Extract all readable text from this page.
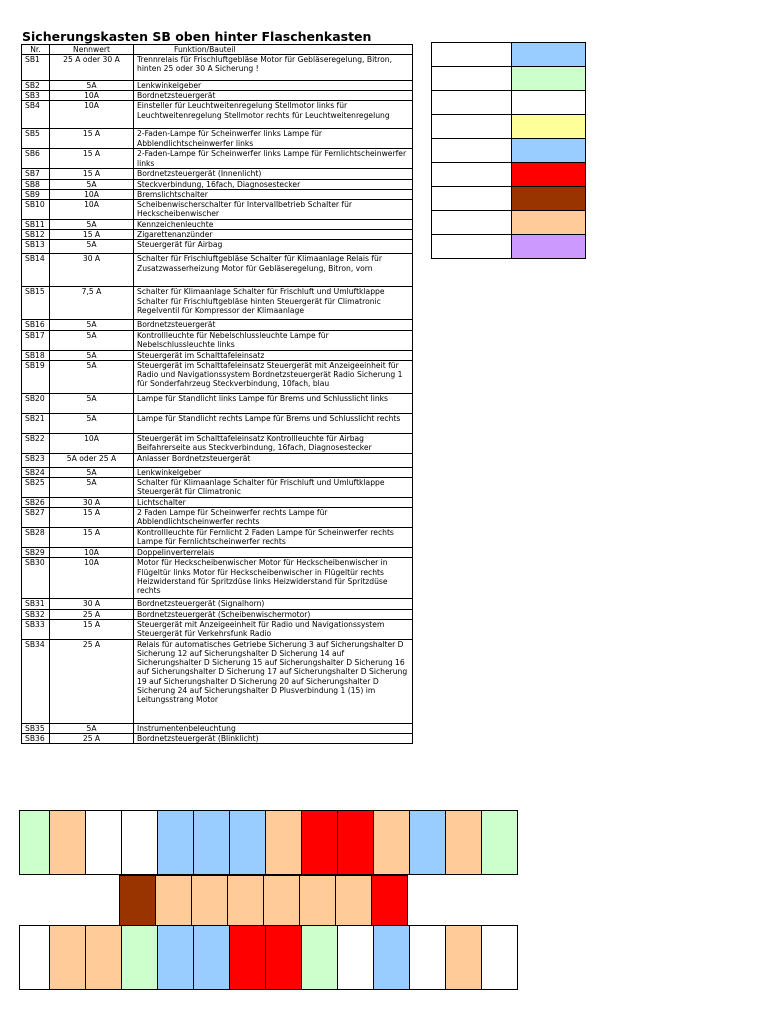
Sicherungskasten SB oben hinter Flaschenkasten
Nr.	Nennwert	Funktion/Bauteil
SB1	25 A oder 30 A	Trennrelais für Frischluftgebläse Motor für Gebläseregelung, Bitron, hinten 25 oder 30 A Sicherung !
SB2	5A	Lenkwinkelgeber
SB3	10A	Bordnetzsteuergerät
SB4	10A	Einsteller für Leuchtweitenregelung Stellmotor links für Leuchtweitenregelung Stellmotor rechts für Leuchtweitenregelung
SB5	15 A	2-Faden-Lampe für Scheinwerfer links Lampe für Abblendlichtscheinwerfer links
SB6	15 A	2-Faden-Lampe für Scheinwerfer links Lampe für Fernlichtscheinwerfer links
SB7	15 A	Bordnetzsteuergerät (Innenlicht)
SB8	5A	Steckverbindung, 16fach, Diagnosestecker
SB9	10A	Bremslichtschalter
SB10	10A	Scheibenwischerschalter für Intervallbetrieb Schalter für Heckscheibenwischer
SB11	5A	Kennzeichenleuchte
SB12	15 A	Zigarettenanzünder
SB13	5A	Steuergerät für Airbag
SB14	30 A	Schalter für Frischluftgebläse Schalter für Klimaanlage Relais für Zusatzwasserheizung Motor für Gebläseregelung, Bitron, vorn
SB15	7,5 A	Schalter für Klimaanlage Schalter für Frischluft und Umluftklappe Schalter für Frischluftgebläse hinten Steuergerät für Climatronic Regelventil für Kompressor der Klimaanlage
SB16	5A	Bordnetzsteuergerät
SB17	5A	Kontrollleuchte für Nebelschlussleuchte Lampe für Nebelschlussleuchte links
SB18	5A	Steuergerät im Schalttafeleinsatz
SB19	5A	Steuergerät im Schalttafeleinsatz Steuergerät mit Anzeigeeinheit für Radio und Navigationssystem Bordnetzsteuergerät Radio Sicherung 1 für Sonderfahrzeug Steckverbindung, 10fach, blau
SB20	5A	Lampe für Standlicht links Lampe für Brems und Schlusslicht links
SB21	5A	Lampe für Standlicht rechts Lampe für Brems und Schlusslicht rechts
SB22	10A	Steuergerät im Schalttafeleinsatz Kontrollleuchte für Airbag Beifahrerseite aus Steckverbindung, 16fach, Diagnosestecker
SB23	5A oder 25 A	Anlasser Bordnetzsteuergerät
SB24	5A	Lenkwinkelgeber
SB25	5A	Schalter für Klimaanlage Schalter für Frischluft und Umluftklappe Steuergerät für Climatronic
SB26	30 A	Lichtschalter
SB27	15 A	2 Faden Lampe für Scheinwerfer rechts Lampe für Abblendlichtscheinwerfer rechts
SB28	15 A	Kontrollleuchte für Fernlicht 2 Faden Lampe für Scheinwerfer rechts Lampe für Fernlichtscheinwerfer rechts
SB29	10A	Doppelinverterrelais
SB30	10A	Motor für Heckscheibenwischer Motor für Heckscheibenwischer in Flügeltür links Motor für Heckscheibenwischer in Flügeltür rechts Heizwiderstand für Spritzdüse links Heizwiderstand für Spritzdüse rechts
SB31	30 A	Bordnetzsteuergerät (Signalhorn)
SB32	25 A	Bordnetzsteuergerät (Scheibenwischermotor)
SB33	15 A	Steuergerät mit Anzeigeeinheit für Radio und Navigationssystem Steuergerät für Verkehrsfunk Radio
SB34	25 A	Relais für automatisches Getriebe Sicherung 3 auf Sicherungshalter D Sicherung 12 auf Sicherungshalter D Sicherung 14 auf Sicherungshalter D Sicherung 15 auf Sicherungshalter D Sicherung 16 auf Sicherungshalter D Sicherung 17 auf Sicherungshalter D Sicherung 19 auf Sicherungshalter D Sicherung 20 auf Sicherungshalter D Sicherung 24 auf Sicherungshalter D Plusverbindung 1 (15) im Leitungsstrang Motor
SB35	5A	Instrumentenbeleuchtung
SB36	25 A	Bordnetzsteuergerät (Blinklicht)
